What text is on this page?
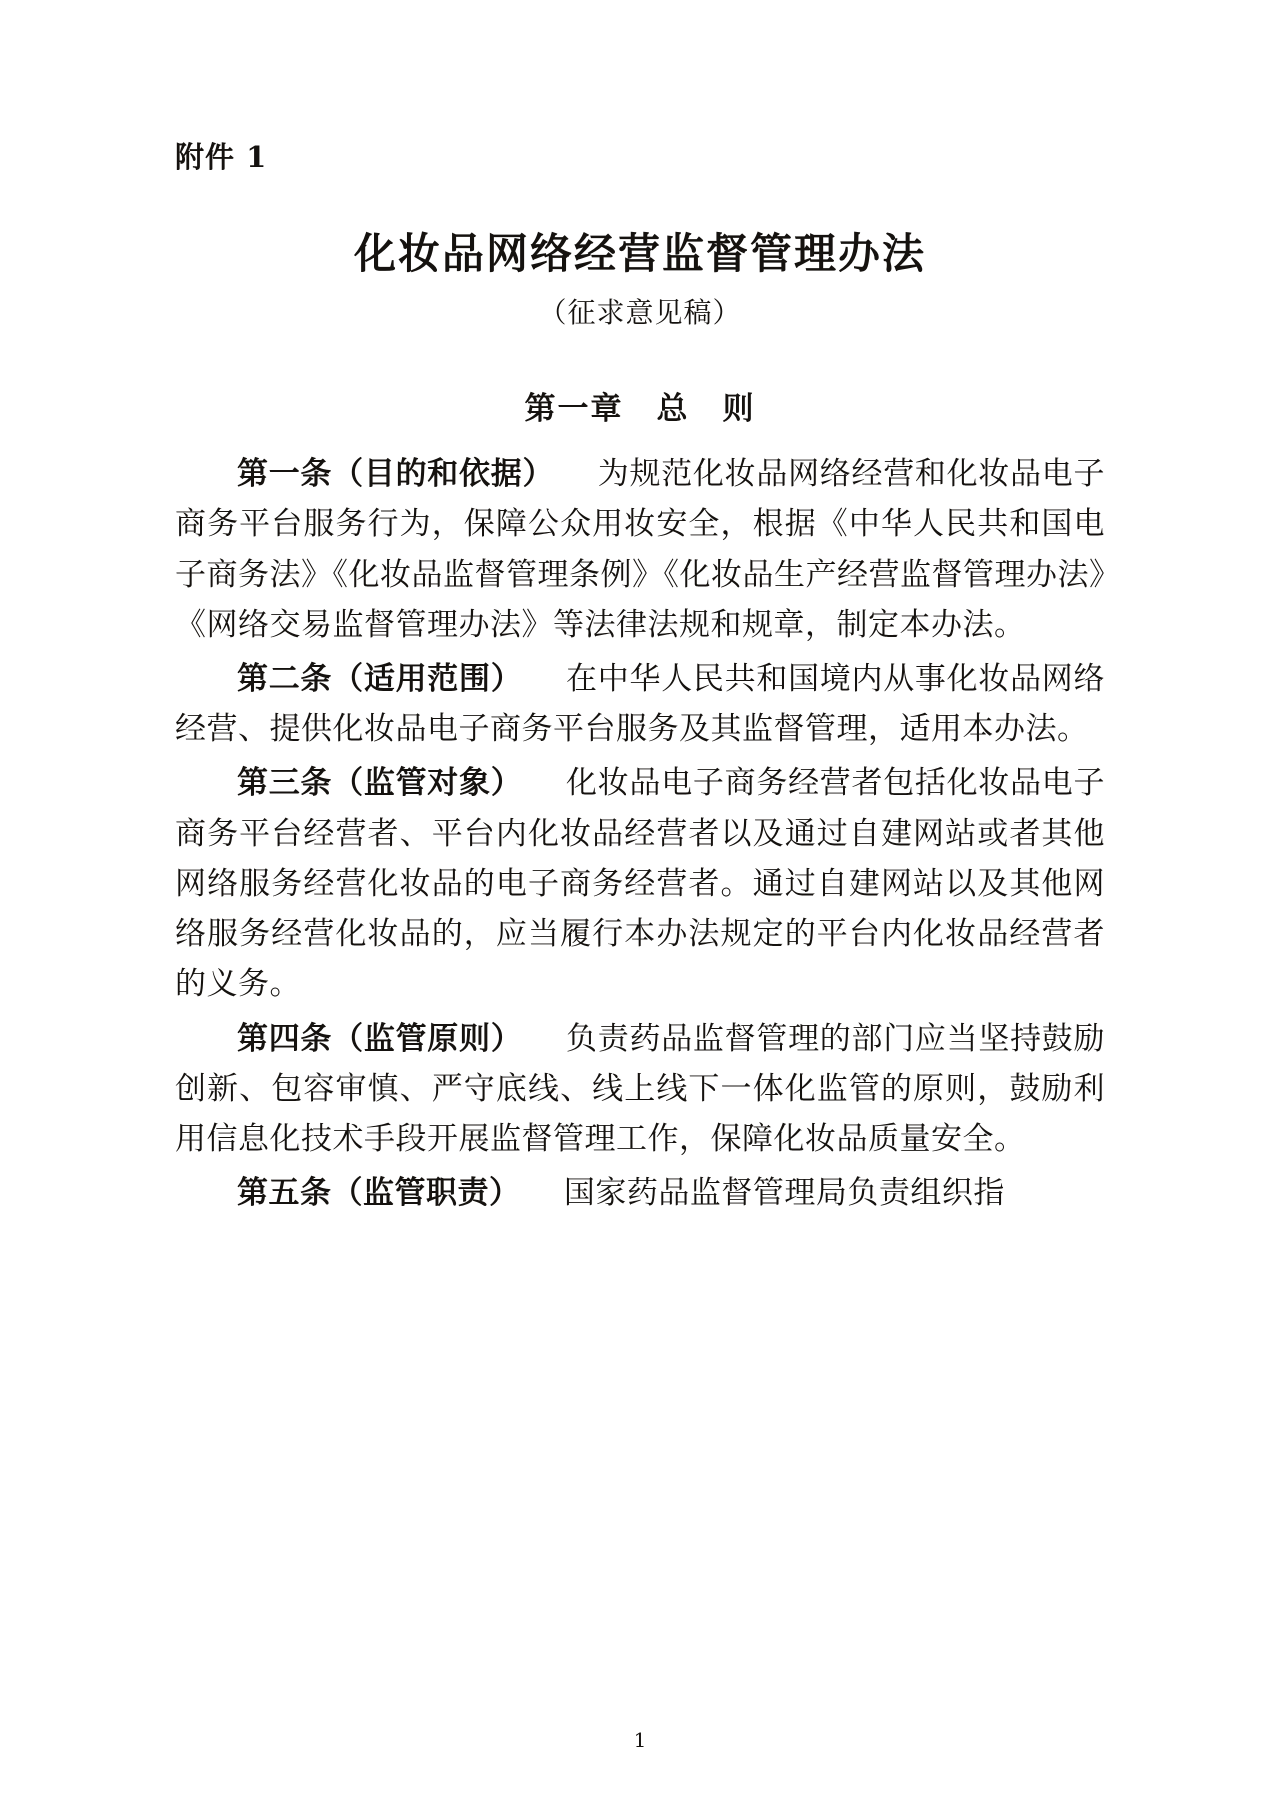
附件 1
化妆品网络经营监督管理办法
（征求意见稿）
第一章　总　则

第一条（目的和依据） 为规范化妆品网络经营和化妆品电子商务平台服务行为，保障公众用妆安全，根据《中华人民共和国电子商务法》《化妆品监督管理条例》《化妆品生产经营监督管理办法》《网络交易监督管理办法》等法律法规和规章，制定本办法。

第二条（适用范围） 在中华人民共和国境内从事化妆品网络经营、提供化妆品电子商务平台服务及其监督管理，适用本办法。

第三条（监管对象） 化妆品电子商务经营者包括化妆品电子商务平台经营者、平台内化妆品经营者以及通过自建网站或者其他网络服务经营化妆品的电子商务经营者。通过自建网站以及其他网络服务经营化妆品的，应当履行本办法规定的平台内化妆品经营者的义务。

第四条（监管原则） 负责药品监督管理的部门应当坚持鼓励创新、包容审慎、严守底线、线上线下一体化监管的原则，鼓励利用信息化技术手段开展监督管理工作，保障化妆品质量安全。

第五条（监管职责） 国家药品监督管理局负责组织指

1
